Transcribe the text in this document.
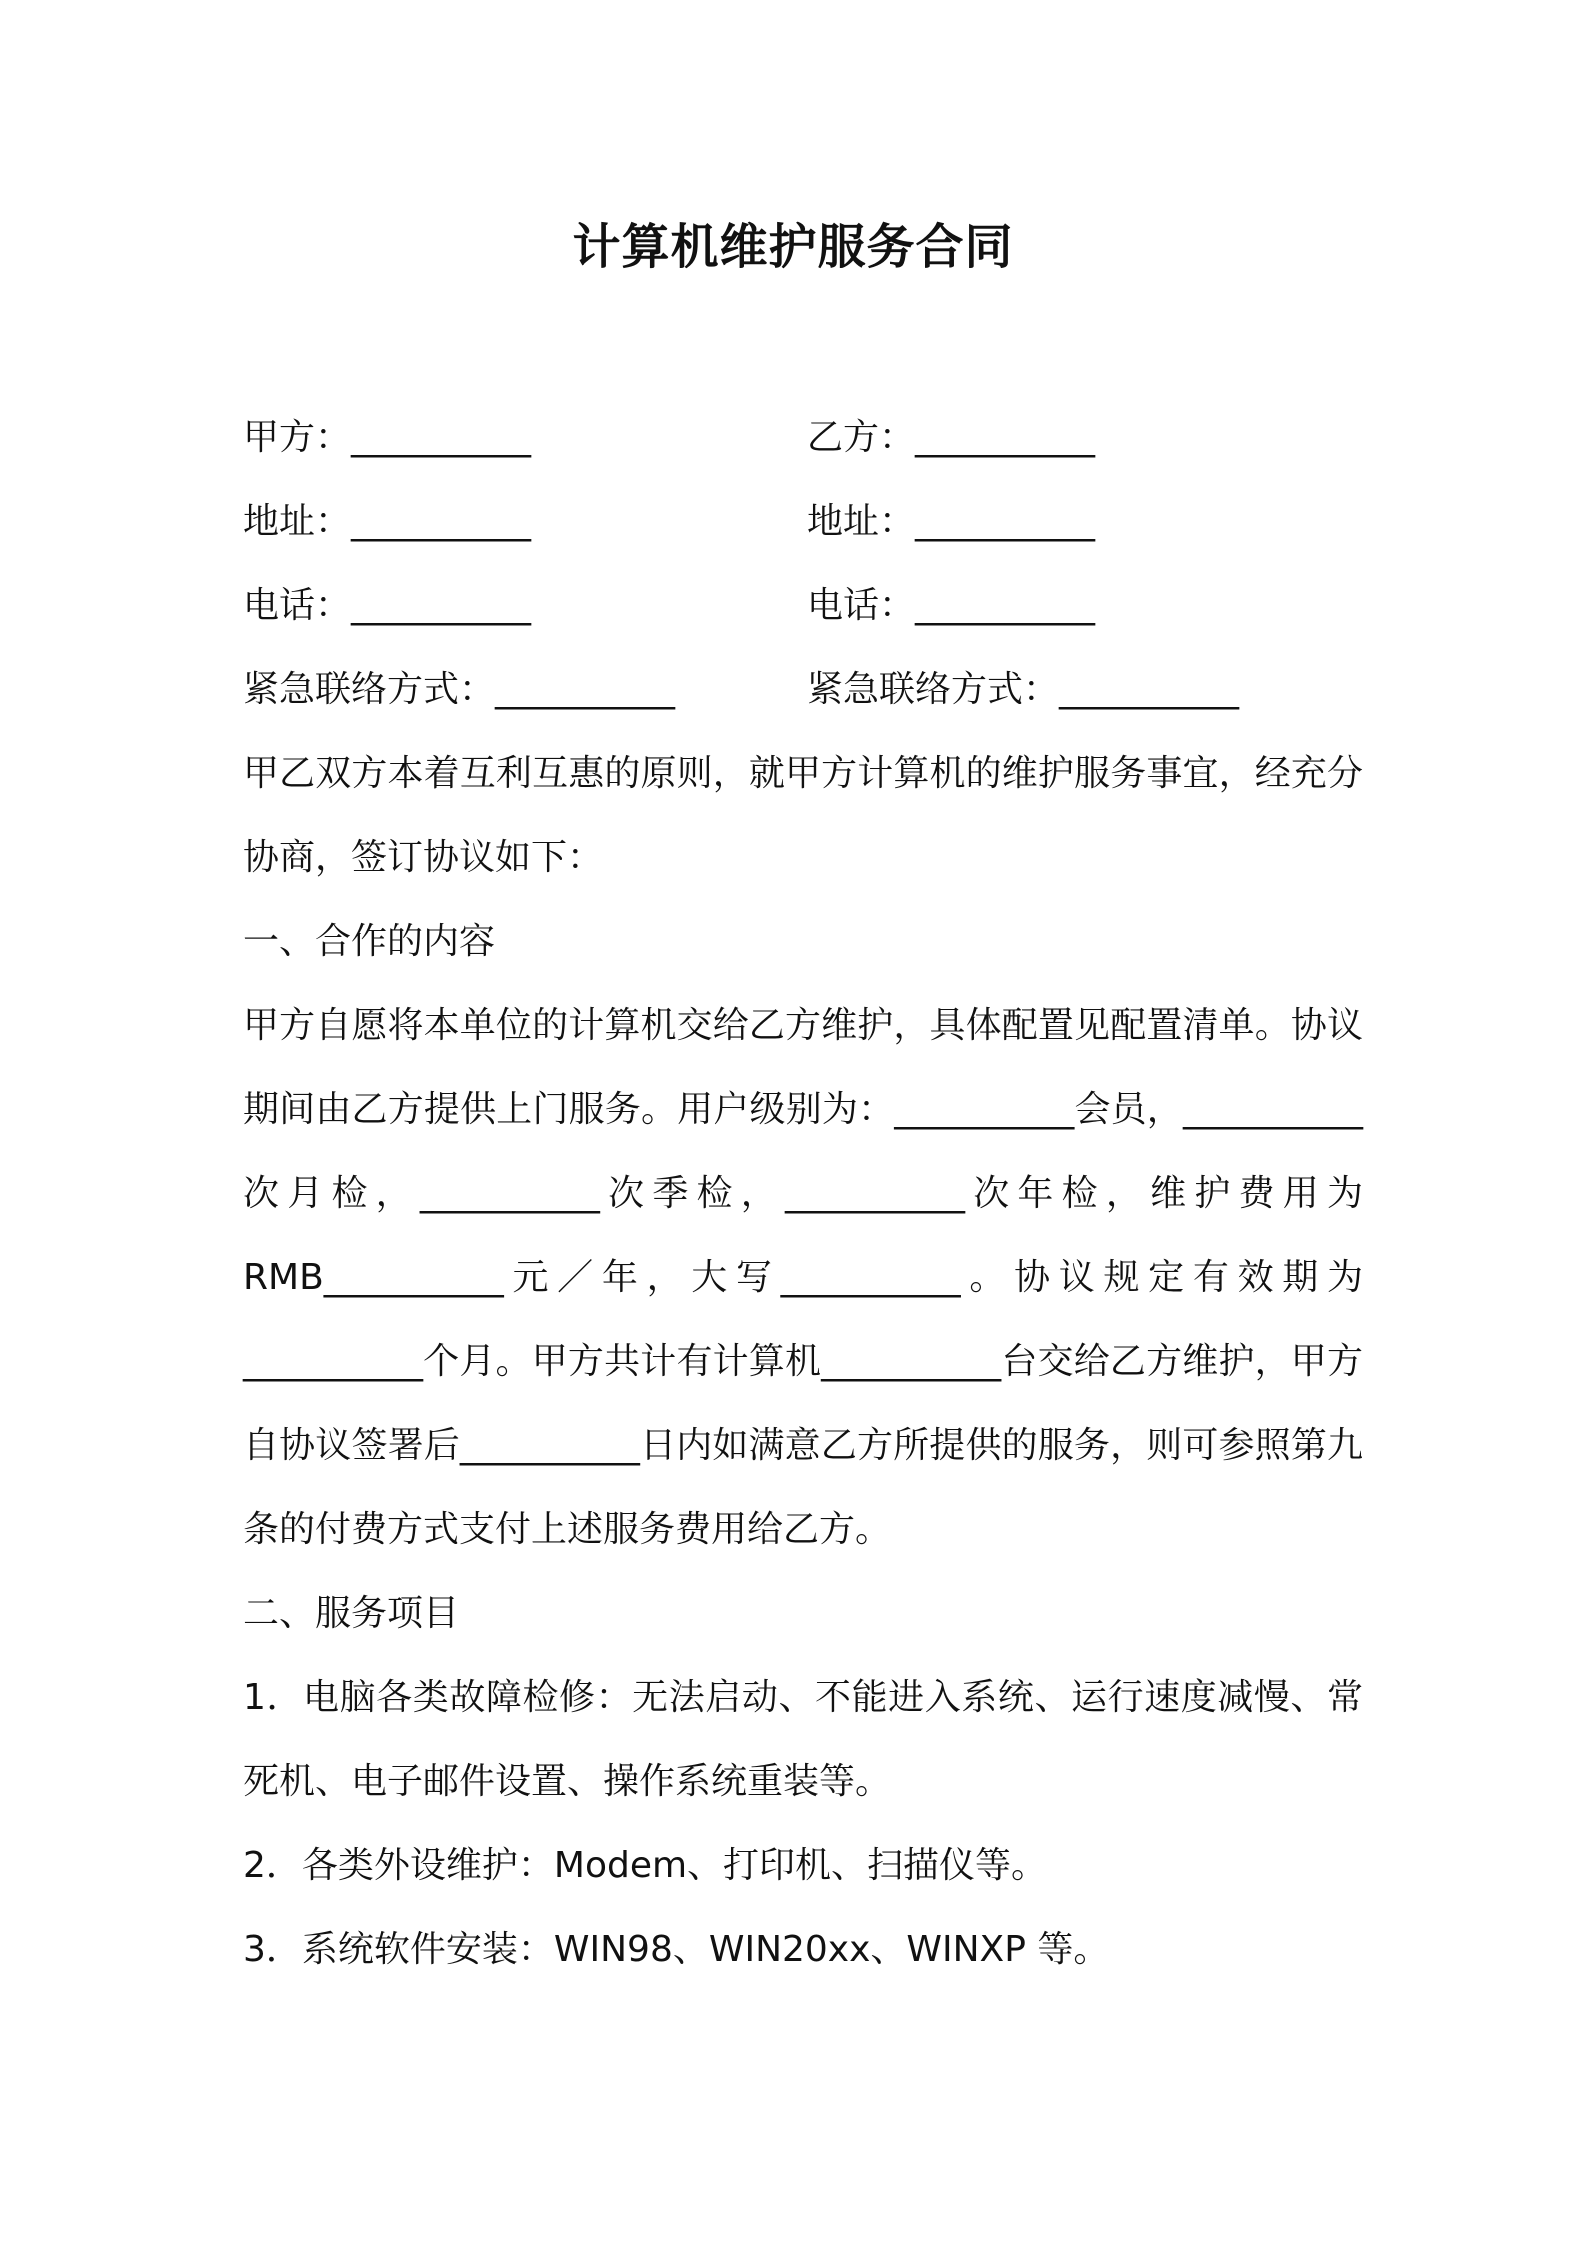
计算机维护服务合同
甲方：__________	乙方：__________
地址：__________	地址：__________
电话：__________	电话：__________
紧急联络方式：__________	紧急联络方式：__________

甲乙双方本着互利互惠的原则，就甲方计算机的维护服务事宜，经充分协商，签订协议如下：

一、合作的内容

甲方自愿将本单位的计算机交给乙方维护，具体配置见配置清单。协议期间由乙方提供上门服务。用户级别为：__________会员，__________次月检，__________次季检，__________次年检，维护费用为 RMB__________元／年，大写__________。协议规定有效期为__________个月。甲方共计有计算机__________台交给乙方维护，甲方自协议签署后__________日内如满意乙方所提供的服务，则可参照第九条的付费方式支付上述服务费用给乙方。

二、服务项目

1．电脑各类故障检修：无法启动、不能进入系统、运行速度减慢、常死机、电子邮件设置、操作系统重装等。

2．各类外设维护：Modem、打印机、扫描仪等。

3．系统软件安装：WIN98、WIN20xx、WINXP 等。
